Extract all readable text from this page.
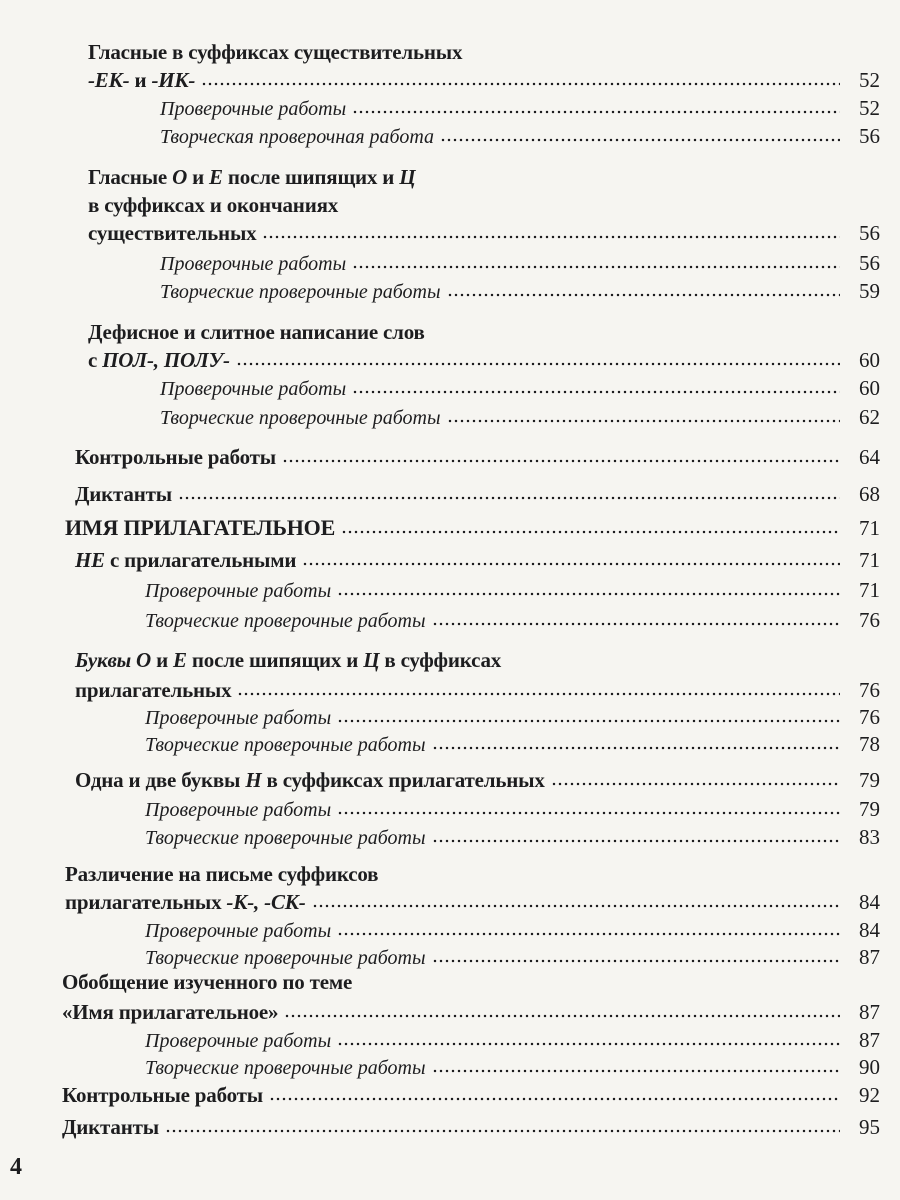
Гласные в суффиксах существительных
-ЕК- и -ИК-	52
Проверочные работы	52
Творческая проверочная работа	56
Гласные О и Е после шипящих и Ц
в суффиксах и окончаниях
существительных	56
Проверочные работы	56
Творческие проверочные работы	59
Дефисное и слитное написание слов
с ПОЛ-, ПОЛУ-	60
Проверочные работы	60
Творческие проверочные работы	62
Контрольные работы	64
Диктанты	68
ИМЯ ПРИЛАГАТЕЛЬНОЕ	71
НЕ с прилагательными	71
Проверочные работы	71
Творческие проверочные работы	76
Буквы О и Е после шипящих и Ц в суффиксах
прилагательных	76
Проверочные работы	76
Творческие проверочные работы	78
Одна и две буквы Н в суффиксах прилагательных	79
Проверочные работы	79
Творческие проверочные работы	83
Различение на письме суффиксов
прилагательных -К-, -СК-	84
Проверочные работы	84
Творческие проверочные работы	87
Обобщение изученного по теме
«Имя прилагательное»	87
Проверочные работы	87
Творческие проверочные работы	90
Контрольные работы	92
Диктанты	95
4
